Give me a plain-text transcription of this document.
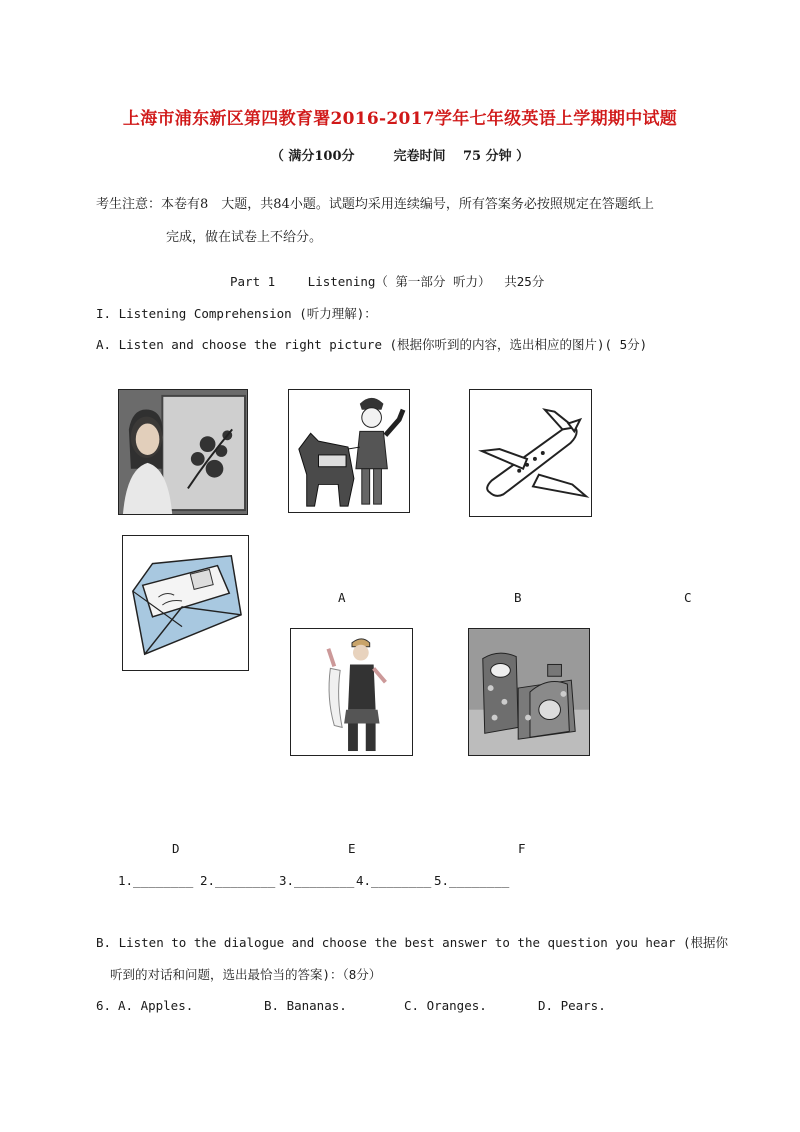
上海市浦东新区第四教育署2016-2017学年七年级英语上学期期中试题
（ 满分100分　　　完卷时间　 75 分钟 ）
考生注意：本卷有8　大题，共84小题。试题均采用连续编号，所有答案务必按照规定在答题纸上
完成，做在试卷上不给分。
Part 1　　 Listening（ 第一部分 听力）　 共25分
I. Listening Comprehension (听力理解)：
A. Listen and choose the right picture (根据你听到的内容，选出相应的图片)( 5分)
A	B	C
D	E	F
1.________ 2.________ 3.________ 4.________ 5.________
B. Listen to the dialogue and choose the best answer to the question you hear (根据你
听到的对话和问题，选出最恰当的答案)：（8分）
6. A. Apples.	B. Bananas.	C. Oranges.	D. Pears.
